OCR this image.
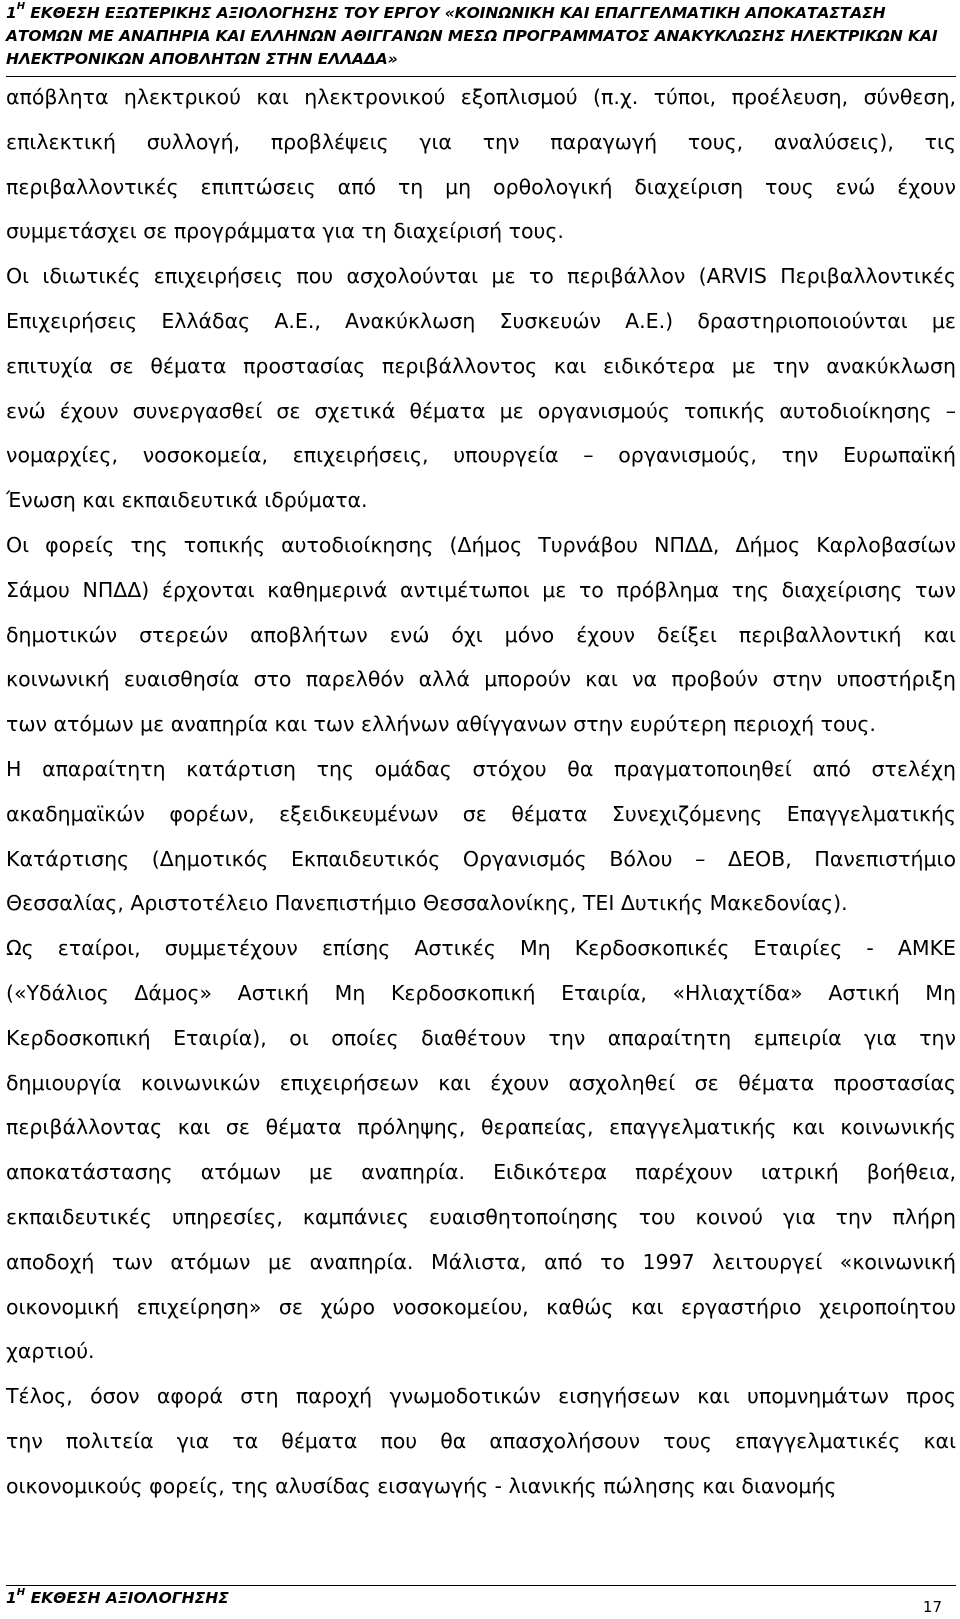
$1^H$ ΕΚΘΕΣΗ ΕΞΩΤΕΡΙΚΗΣ ΑΞΙΟΛΟΓΗΣΗΣ ΤΟΥ ΕΡΓΟΥ «ΚΟΙΝΩΝΙΚΗ ΚΑΙ ΕΠΑΓΓΕΛΜΑΤΙΚΗ ΑΠΟΚΑΤΑΣΤΑΣΗ
ΑΤΟΜΩΝ ΜΕ ΑΝΑΠΗΡΙΑ ΚΑΙ ΕΛΛΗΝΩΝ ΑΘΙΓΓΑΝΩΝ ΜΕΣΩ ΠΡΟΓΡΑΜΜΑΤΟΣ ΑΝΑΚΥΚΛΩΣΗΣ ΗΛΕΚΤΡΙΚΩΝ ΚΑΙ
ΗΛΕΚΤΡΟΝΙΚΩΝ ΑΠΟΒΛΗΤΩΝ ΣΤΗΝ ΕΛΛΑΔΑ»
απόβλητα ηλεκτρικού και ηλεκτρονικού εξοπλισμού (π.χ. τύποι, προέλευση, σύνθεση,
επιλεκτική συλλογή, προβλέψεις για την παραγωγή τους, αναλύσεις), τις
περιβαλλοντικές επιπτώσεις από τη μη ορθολογική διαχείριση τους ενώ έχουν
συμμετάσχει σε προγράμματα για τη διαχείρισή τους.
Οι ιδιωτικές επιχειρήσεις που ασχολούνται με το περιβάλλον (ARVIS Περιβαλλοντικές
Επιχειρήσεις Ελλάδας Α.Ε., Ανακύκλωση Συσκευών Α.Ε.) δραστηριοποιούνται με
επιτυχία σε θέματα προστασίας περιβάλλοντος και ειδικότερα με την ανακύκλωση
ενώ έχουν συνεργασθεί σε σχετικά θέματα με οργανισμούς τοπικής αυτοδιοίκησης –
νομαρχίες, νοσοκομεία, επιχειρήσεις, υπουργεία – οργανισμούς, την Ευρωπαϊκή
Ένωση και εκπαιδευτικά ιδρύματα.
Οι φορείς της τοπικής αυτοδιοίκησης (Δήμος Τυρνάβου ΝΠΔΔ, Δήμος Καρλοβασίων
Σάμου ΝΠΔΔ) έρχονται καθημερινά αντιμέτωποι με το πρόβλημα της διαχείρισης των
δημοτικών στερεών αποβλήτων ενώ όχι μόνο έχουν δείξει περιβαλλοντική και
κοινωνική ευαισθησία στο παρελθόν αλλά μπορούν και να προβούν στην υποστήριξη
των ατόμων με αναπηρία και των ελλήνων αθίγγανων στην ευρύτερη περιοχή τους.
Η απαραίτητη κατάρτιση της ομάδας στόχου θα πραγματοποιηθεί από στελέχη
ακαδημαϊκών φορέων, εξειδικευμένων σε θέματα Συνεχιζόμενης Επαγγελματικής
Κατάρτισης (Δημοτικός Εκπαιδευτικός Οργανισμός Βόλου – ΔΕΟΒ, Πανεπιστήμιο
Θεσσαλίας, Αριστοτέλειο Πανεπιστήμιο Θεσσαλονίκης, ΤΕΙ Δυτικής Μακεδονίας).
Ως εταίροι, συμμετέχουν επίσης Αστικές Μη Κερδοσκοπικές Εταιρίες - ΑΜΚΕ
(«Υδάλιος Δάμος» Αστική Μη Κερδοσκοπική Εταιρία, «Ηλιαχτίδα» Αστική Μη
Κερδοσκοπική Εταιρία), οι οποίες διαθέτουν την απαραίτητη εμπειρία για την
δημιουργία κοινωνικών επιχειρήσεων και έχουν ασχοληθεί σε θέματα προστασίας
περιβάλλοντας και σε θέματα πρόληψης, θεραπείας, επαγγελματικής και κοινωνικής
αποκατάστασης ατόμων με αναπηρία. Ειδικότερα παρέχουν ιατρική βοήθεια,
εκπαιδευτικές υπηρεσίες, καμπάνιες ευαισθητοποίησης του κοινού για την πλήρη
αποδοχή των ατόμων με αναπηρία. Μάλιστα, από το 1997 λειτουργεί «κοινωνική
οικονομική επιχείρηση» σε χώρο νοσοκομείου, καθώς και εργαστήριο χειροποίητου
χαρτιού.
Τέλος, όσον αφορά στη παροχή γνωμοδοτικών εισηγήσεων και υπομνημάτων προς
την πολιτεία για τα θέματα που θα απασχολήσουν τους επαγγελματικές και
οικονομικούς φορείς, της αλυσίδας εισαγωγής - λιανικής πώλησης και διανομής
$1^H$ ΕΚΘΕΣΗ ΑΞΙΟΛΟΓΗΣΗΣ	17
